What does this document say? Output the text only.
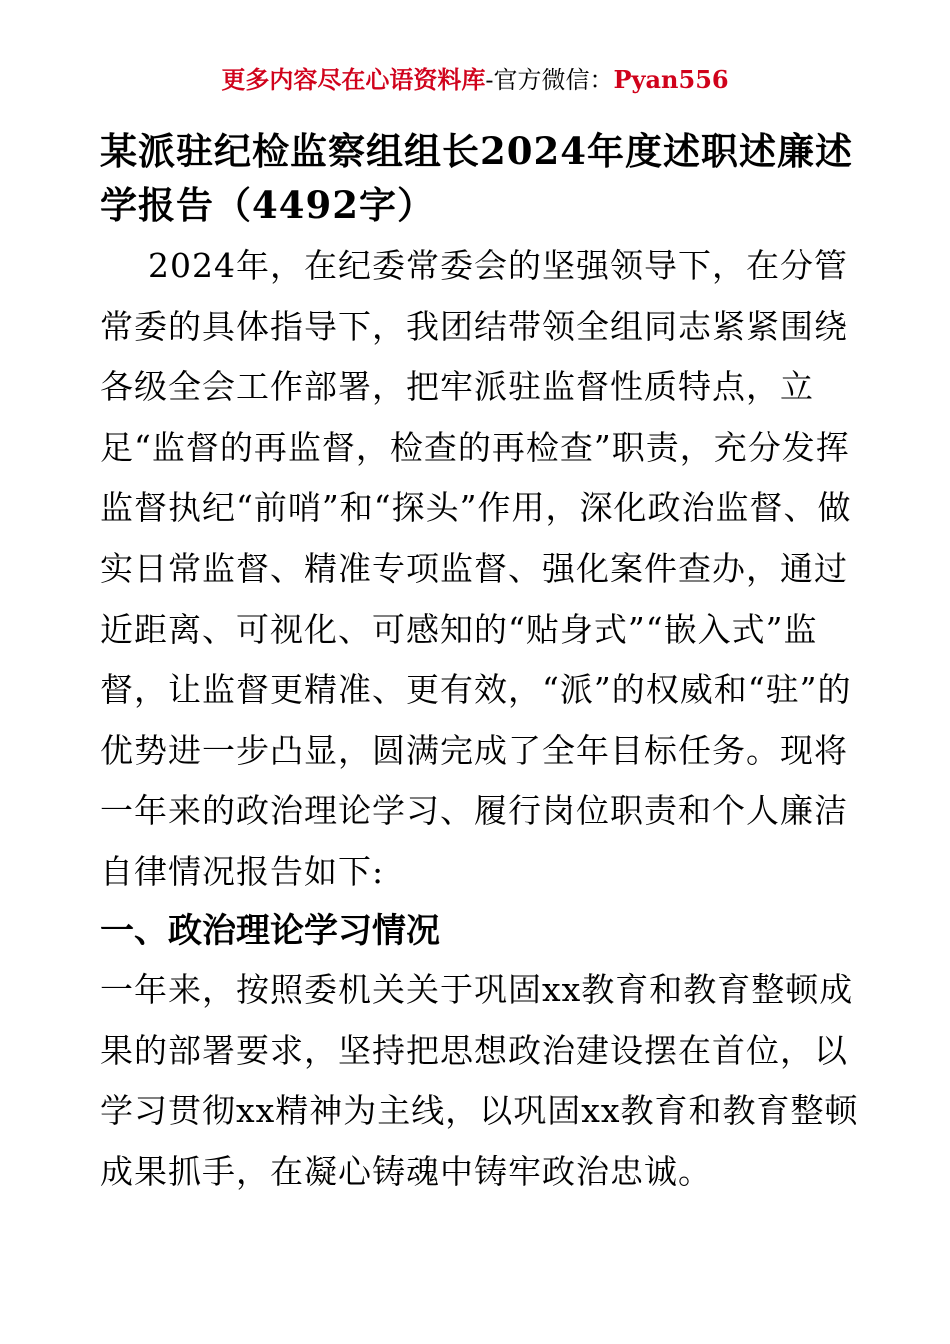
更多内容尽在心语资料库-官方微信：Pyan556
某派驻纪检监察组组长2024年度述职述廉述学报告（4492字）
2024年，在纪委常委会的坚强领导下，在分管常委的具体指导下，我团结带领全组同志紧紧围绕各级全会工作部署，把牢派驻监督性质特点，立足“监督的再监督，检查的再检查”职责，充分发挥监督执纪“前哨”和“探头”作用，深化政治监督、做实日常监督、精准专项监督、强化案件查办，通过近距离、可视化、可感知的“贴身式”“嵌入式”监督，让监督更精准、更有效，“派”的权威和“驻”的优势进一步凸显，圆满完成了全年目标任务。现将一年来的政治理论学习、履行岗位职责和个人廉洁自律情况报告如下:
一、政治理论学习情况
一年来，按照委机关关于巩固xx教育和教育整顿成果的部署要求，坚持把思想政治建设摆在首位，以学习贯彻xx精神为主线，以巩固xx教育和教育整顿成果抓手，在凝心铸魂中铸牢政治忠诚。
